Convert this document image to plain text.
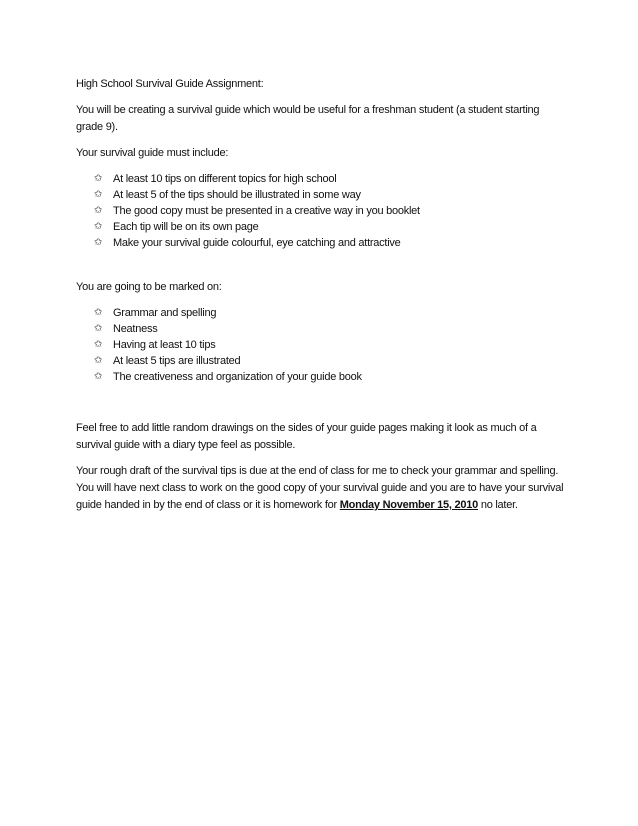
High School Survival Guide Assignment:

You will be creating a survival guide which would be useful for a freshman student (a student starting grade 9).

Your survival guide must include:

✩ At least 10 tips on different topics for high school
✩ At least 5 of the tips should be illustrated in some way
✩ The good copy must be presented in a creative way in you booklet
✩ Each tip will be on its own page
✩ Make your survival guide colourful, eye catching and attractive

You are going to be marked on:

✩ Grammar and spelling
✩ Neatness
✩ Having at least 10 tips
✩ At least 5 tips are illustrated
✩ The creativeness and organization of your guide book

Feel free to add little random drawings on the sides of your guide pages making it look as much of a survival guide with a diary type feel as possible.

Your rough draft of the survival tips is due at the end of class for me to check your grammar and spelling. You will have next class to work on the good copy of your survival guide and you are to have your survival guide handed in by the end of class or it is homework for Monday November 15, 2010 no later.
